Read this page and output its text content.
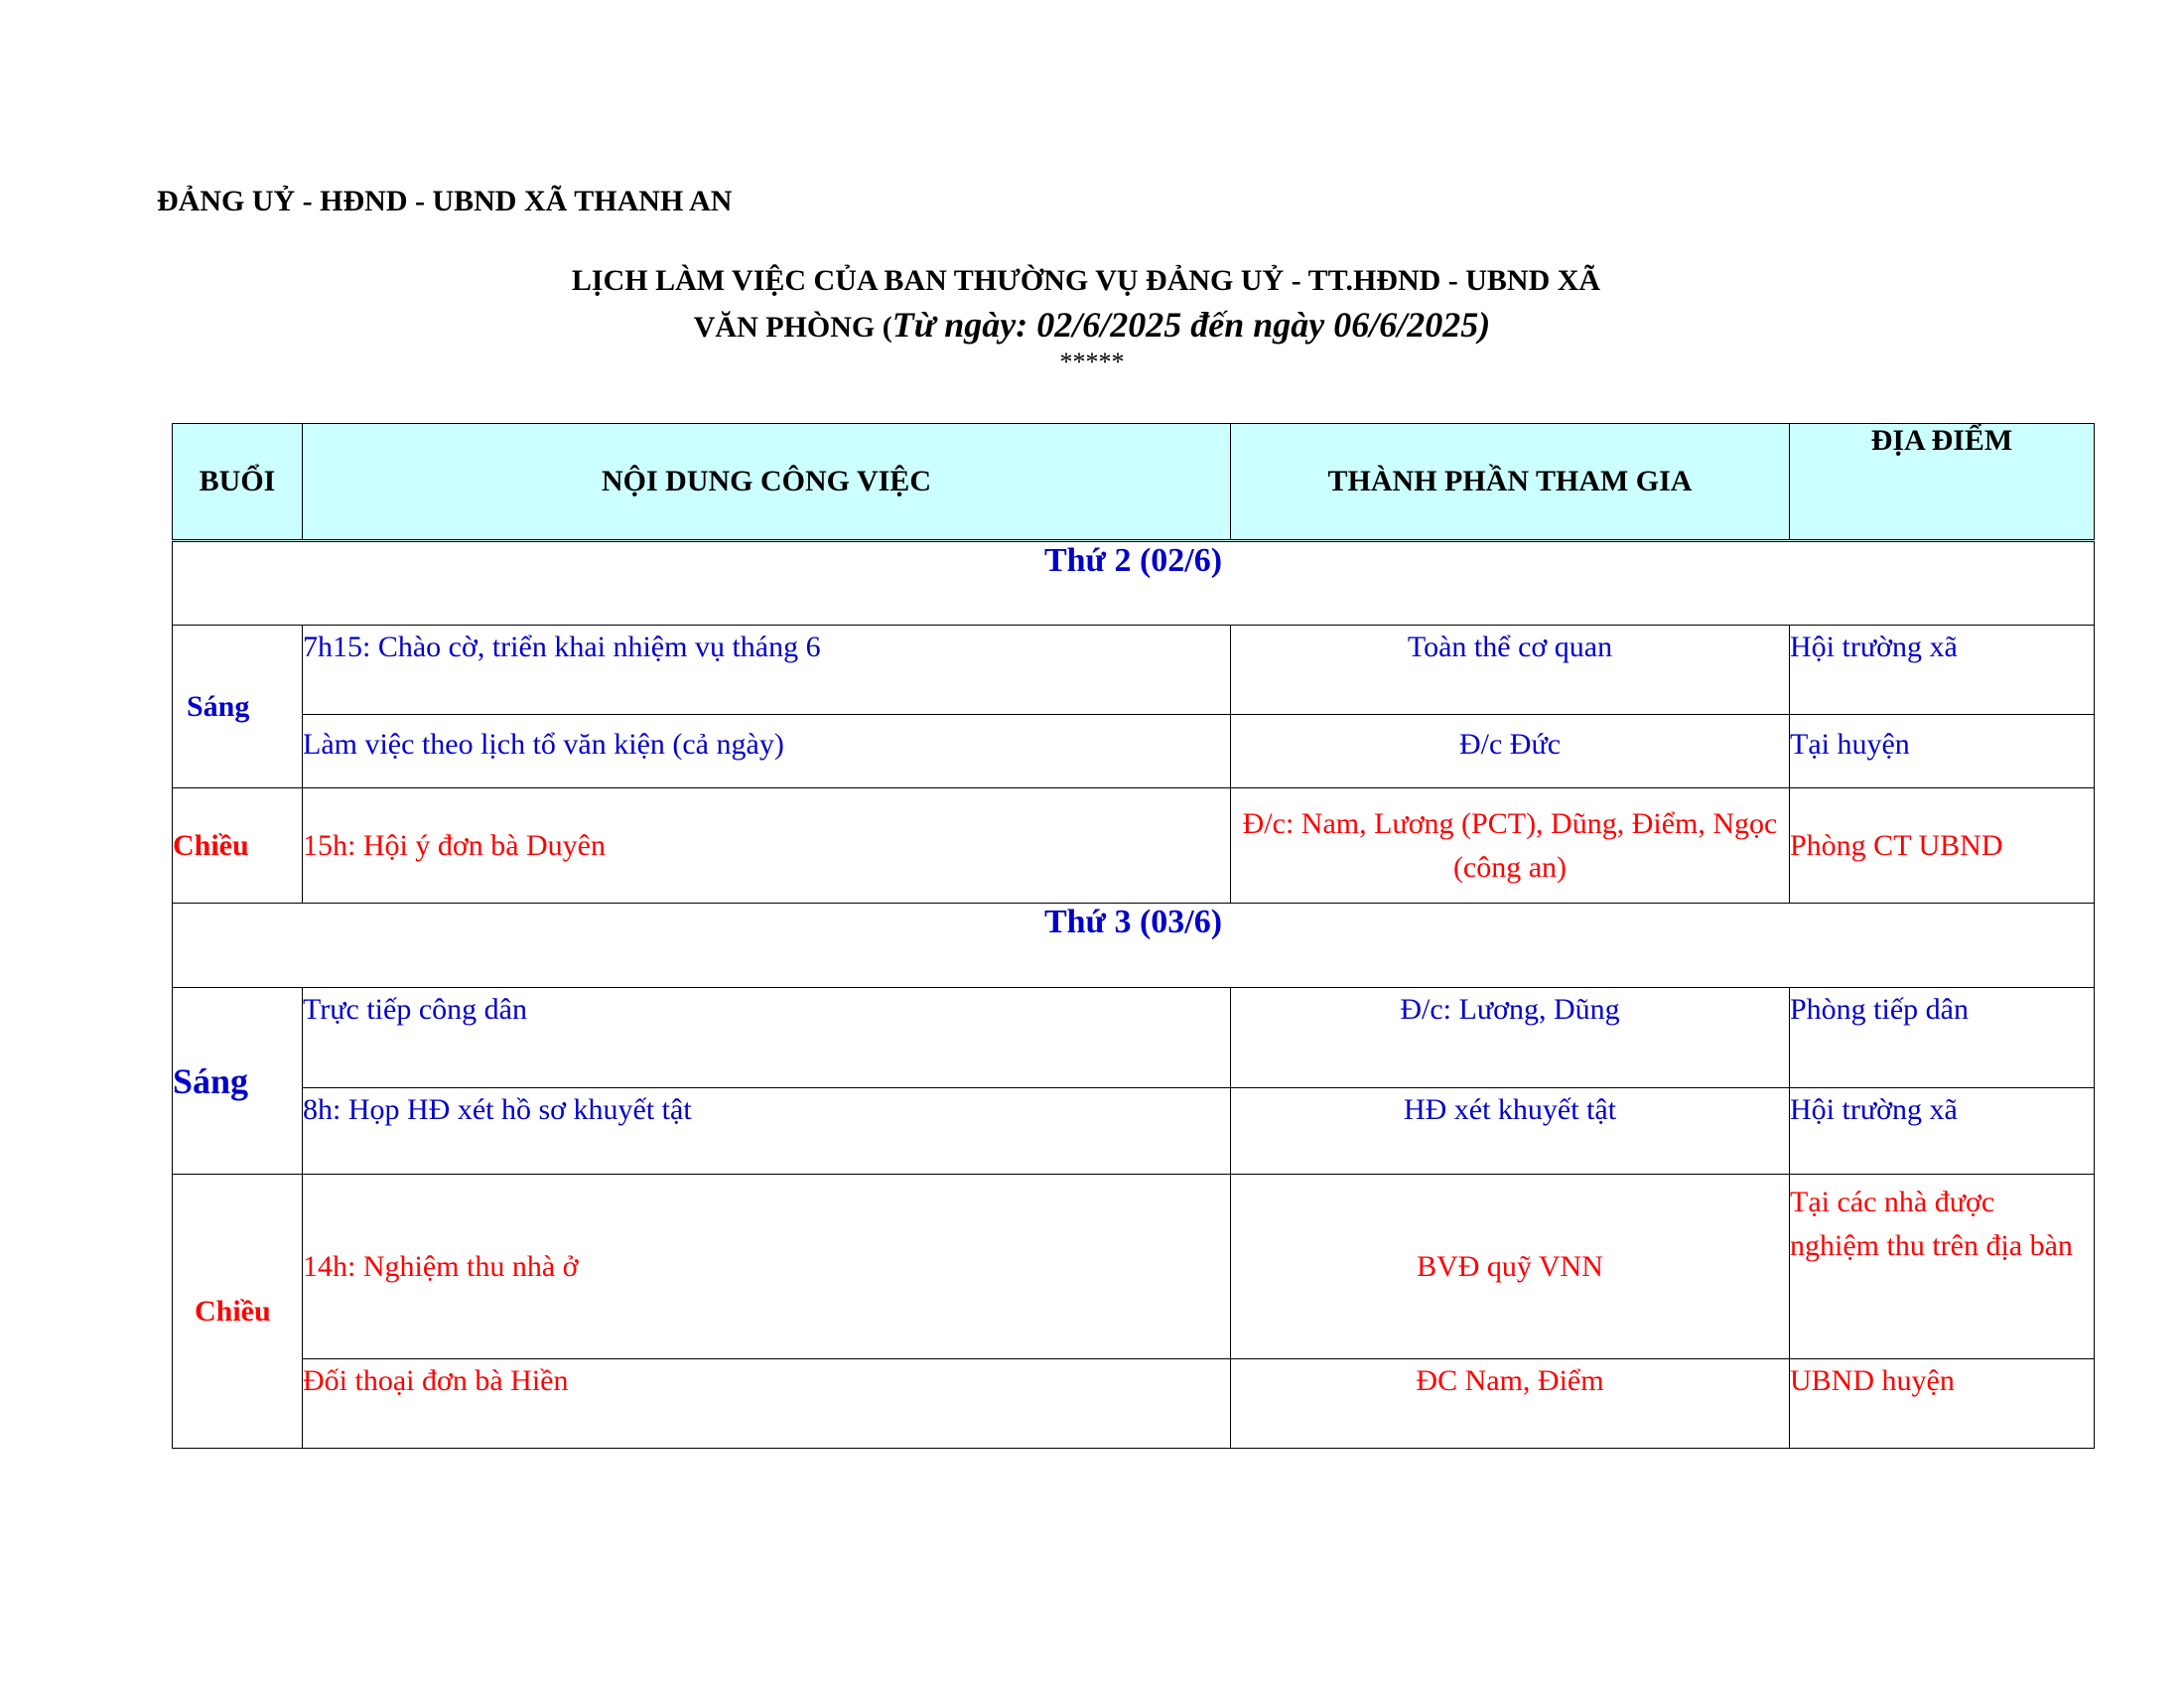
ĐẢNG UỶ - HĐND - UBND XÃ THANH AN
LỊCH LÀM VIỆC CỦA BAN THƯỜNG VỤ ĐẢNG UỶ - TT.HĐND - UBND XÃ
VĂN PHÒNG (Từ ngày: 02/6/2025 đến ngày 06/6/2025)
*****
BUỔI	NỘI DUNG CÔNG VIỆC	THÀNH PHẦN THAM GIA	ĐỊA ĐIỂM
Thứ 2 (02/6)			
Sáng	7h15: Chào cờ, triển khai nhiệm vụ tháng 6	Toàn thể cơ quan	Hội trường xã
	Làm việc theo lịch tổ văn kiện (cả ngày)	Đ/c Đức	Tại huyện
Chiều	15h: Hội ý đơn bà Duyên	Đ/c: Nam, Lương (PCT), Dũng, Điểm, Ngọc (công an)	Phòng CT UBND
Thứ 3 (03/6)			
Sáng	Trực tiếp công dân	Đ/c: Lương, Dũng	Phòng tiếp dân
	8h: Họp HĐ xét hồ sơ khuyết tật	HĐ xét khuyết tật	Hội trường xã
Chiều	14h: Nghiệm thu nhà ở	BVĐ quỹ VNN	Tại các nhà được nghiệm thu trên địa bàn
	Đối thoại đơn bà Hiền	ĐC Nam, Điểm	UBND huyện
